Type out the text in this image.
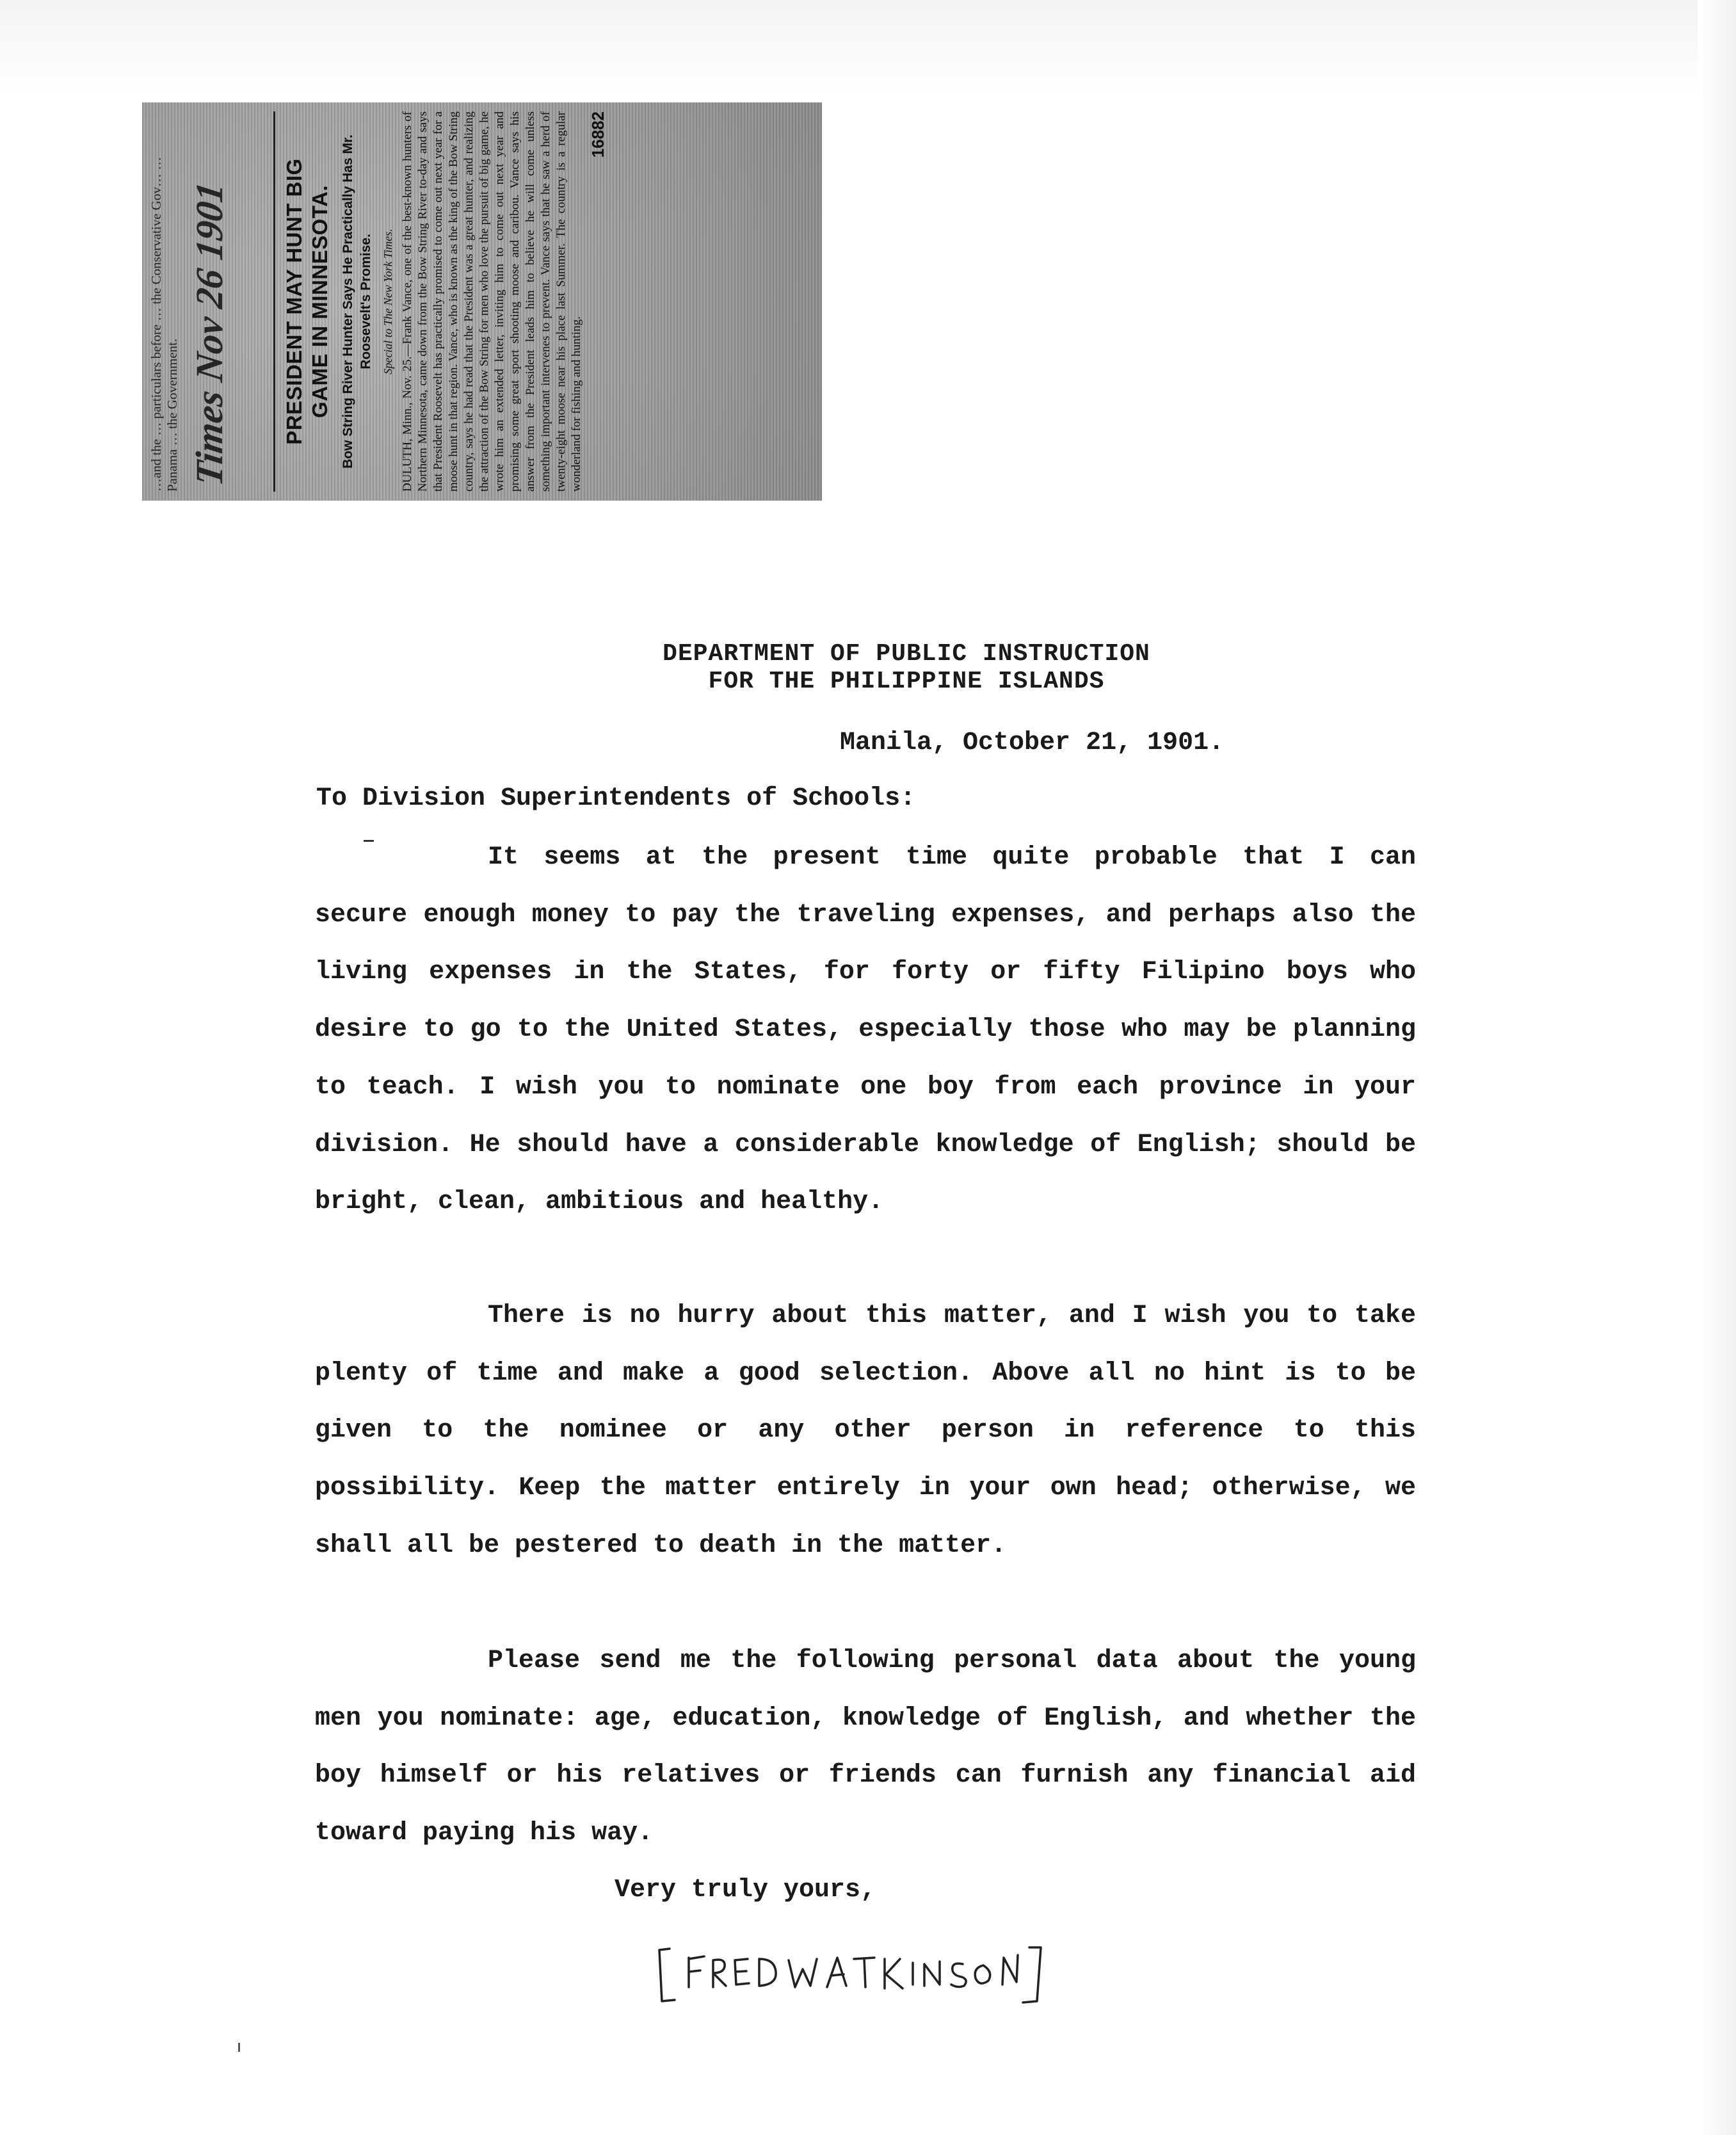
…and the … particulars before … the Conservative Gov… … Panama … the Government. Times Nov 26 1901	PRESIDENT MAY HUNT BIG GAME IN MINNESOTA. Bow String River Hunter Says He Practically Has Mr. Roosevelt's Promise. Special to The New York Times. DULUTH, Minn., Nov. 25.—Frank Vance, one of the best-known hunters of Northern Minnesota, came down from the Bow String River to-day and says that President Roosevelt has practically promised to come out next year for a moose hunt in that region. Vance, who is known as the king of the Bow String country, says he had read that the President was a great hunter, and realizing the attraction of the Bow String for men who love the pursuit of big game, he wrote him an extended letter, inviting him to come out next year and promising some great sport shooting moose and caribou. Vance says his answer from the President leads him to believe he will come unless something important intervenes to prevent. Vance says that he saw a herd of twenty-eight moose near his place last Summer. The country is a regular wonderland for fishing and hunting.
16882
DEPARTMENT OF PUBLIC INSTRUCTION
FOR THE PHILIPPINE ISLANDS
Manila, October 21, 1901.
To Division Superintendents of Schools:

It seems at the present time quite probable that I can secure enough money to pay the traveling expenses, and perhaps also the living expenses in the States, for forty or fifty Filipino boys who desire to go to the United States, especially those who may be planning to teach. I wish you to nominate one boy from each province in your division. He should have a considerable knowledge of English; should be bright, clean, ambitious and healthy.

There is no hurry about this matter, and I wish you to take plenty of time and make a good selection. Above all no hint is to be given to the nominee or any other person in reference to this possibility. Keep the matter entirely in your own head; otherwise, we shall all be pestered to death in the matter.

Please send me the following personal data about the young men you nominate: age, education, knowledge of English, and whether the boy himself or his relatives or friends can furnish any financial aid toward paying his way.

Very truly yours,
